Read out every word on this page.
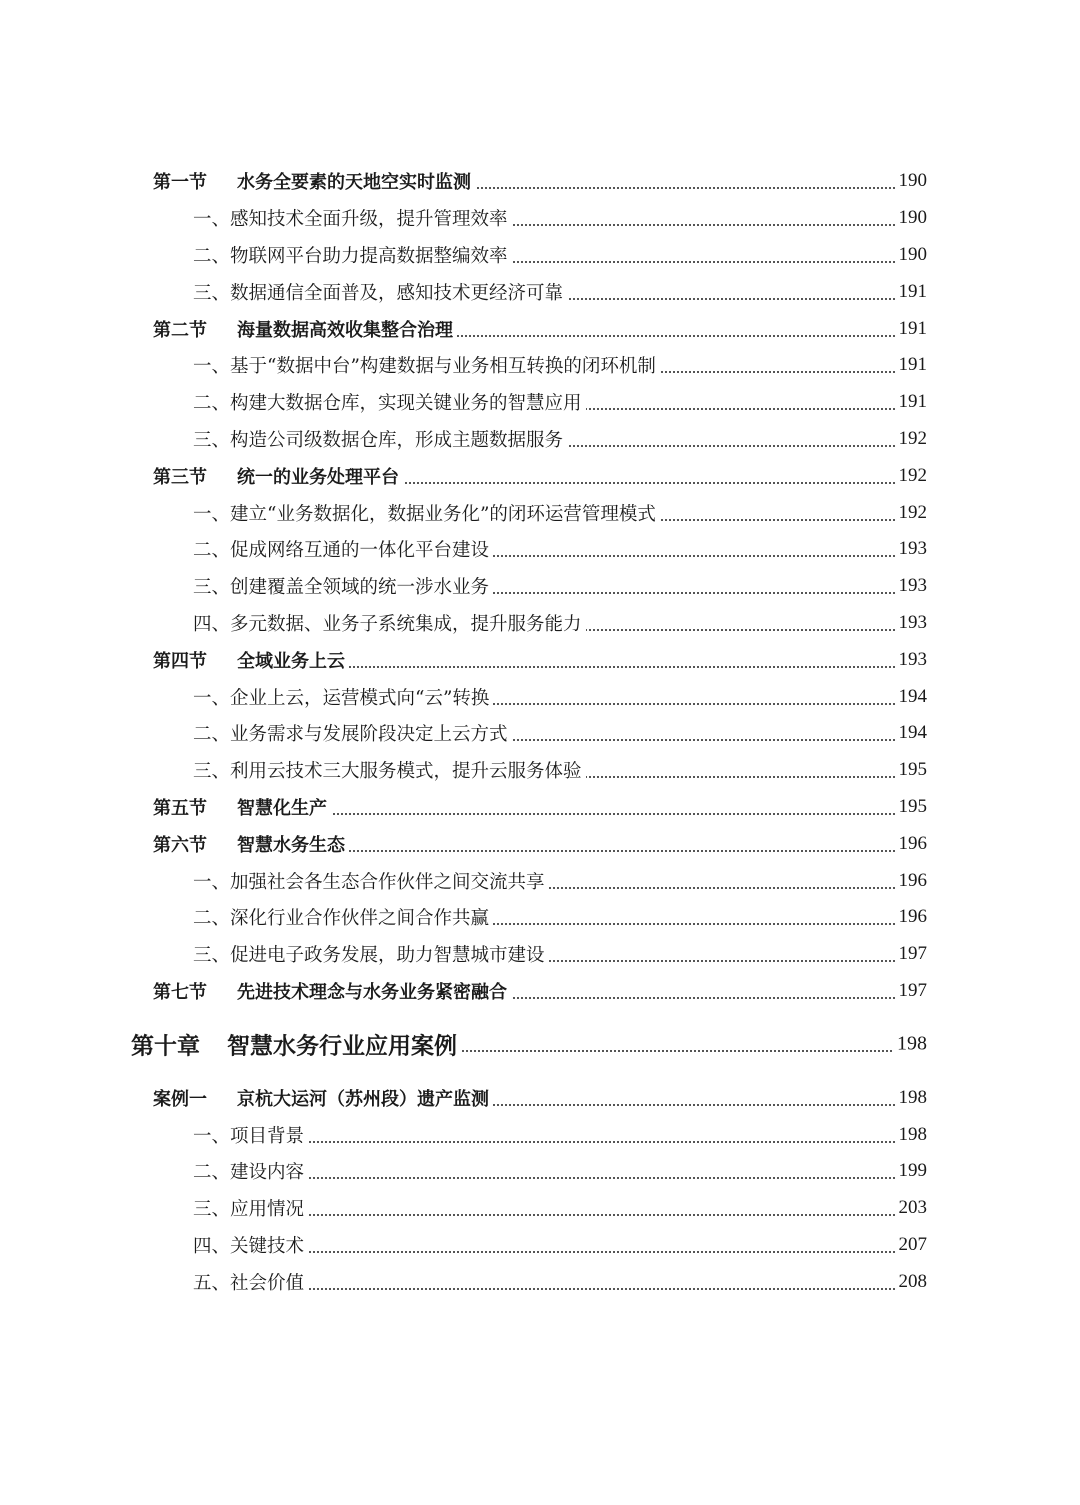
第一节 水务全要素的天地空实时监测	190
一、感知技术全面升级，提升管理效率	190
二、物联网平台助力提高数据整编效率	190
三、数据通信全面普及，感知技术更经济可靠	191
第二节 海量数据高效收集整合治理	191
一、基于“数据中台”构建数据与业务相互转换的闭环机制	191
二、构建大数据仓库，实现关键业务的智慧应用	191
三、构造公司级数据仓库，形成主题数据服务	192
第三节 统一的业务处理平台	192
一、建立“业务数据化，数据业务化”的闭环运营管理模式	192
二、促成网络互通的一体化平台建设	193
三、创建覆盖全领域的统一涉水业务	193
四、多元数据、业务子系统集成，提升服务能力	193
第四节 全域业务上云	193
一、企业上云，运营模式向“云”转换	194
二、业务需求与发展阶段决定上云方式	194
三、利用云技术三大服务模式，提升云服务体验	195
第五节 智慧化生产	195
第六节 智慧水务生态	196
一、加强社会各生态合作伙伴之间交流共享	196
二、深化行业合作伙伴之间合作共赢	196
三、促进电子政务发展，助力智慧城市建设	197
第七节 先进技术理念与水务业务紧密融合	197
第十章 智慧水务行业应用案例	198
案例一 京杭大运河（苏州段）遗产监测	198
一、项目背景	198
二、建设内容	199
三、应用情况	203
四、关键技术	207
五、社会价值	208
